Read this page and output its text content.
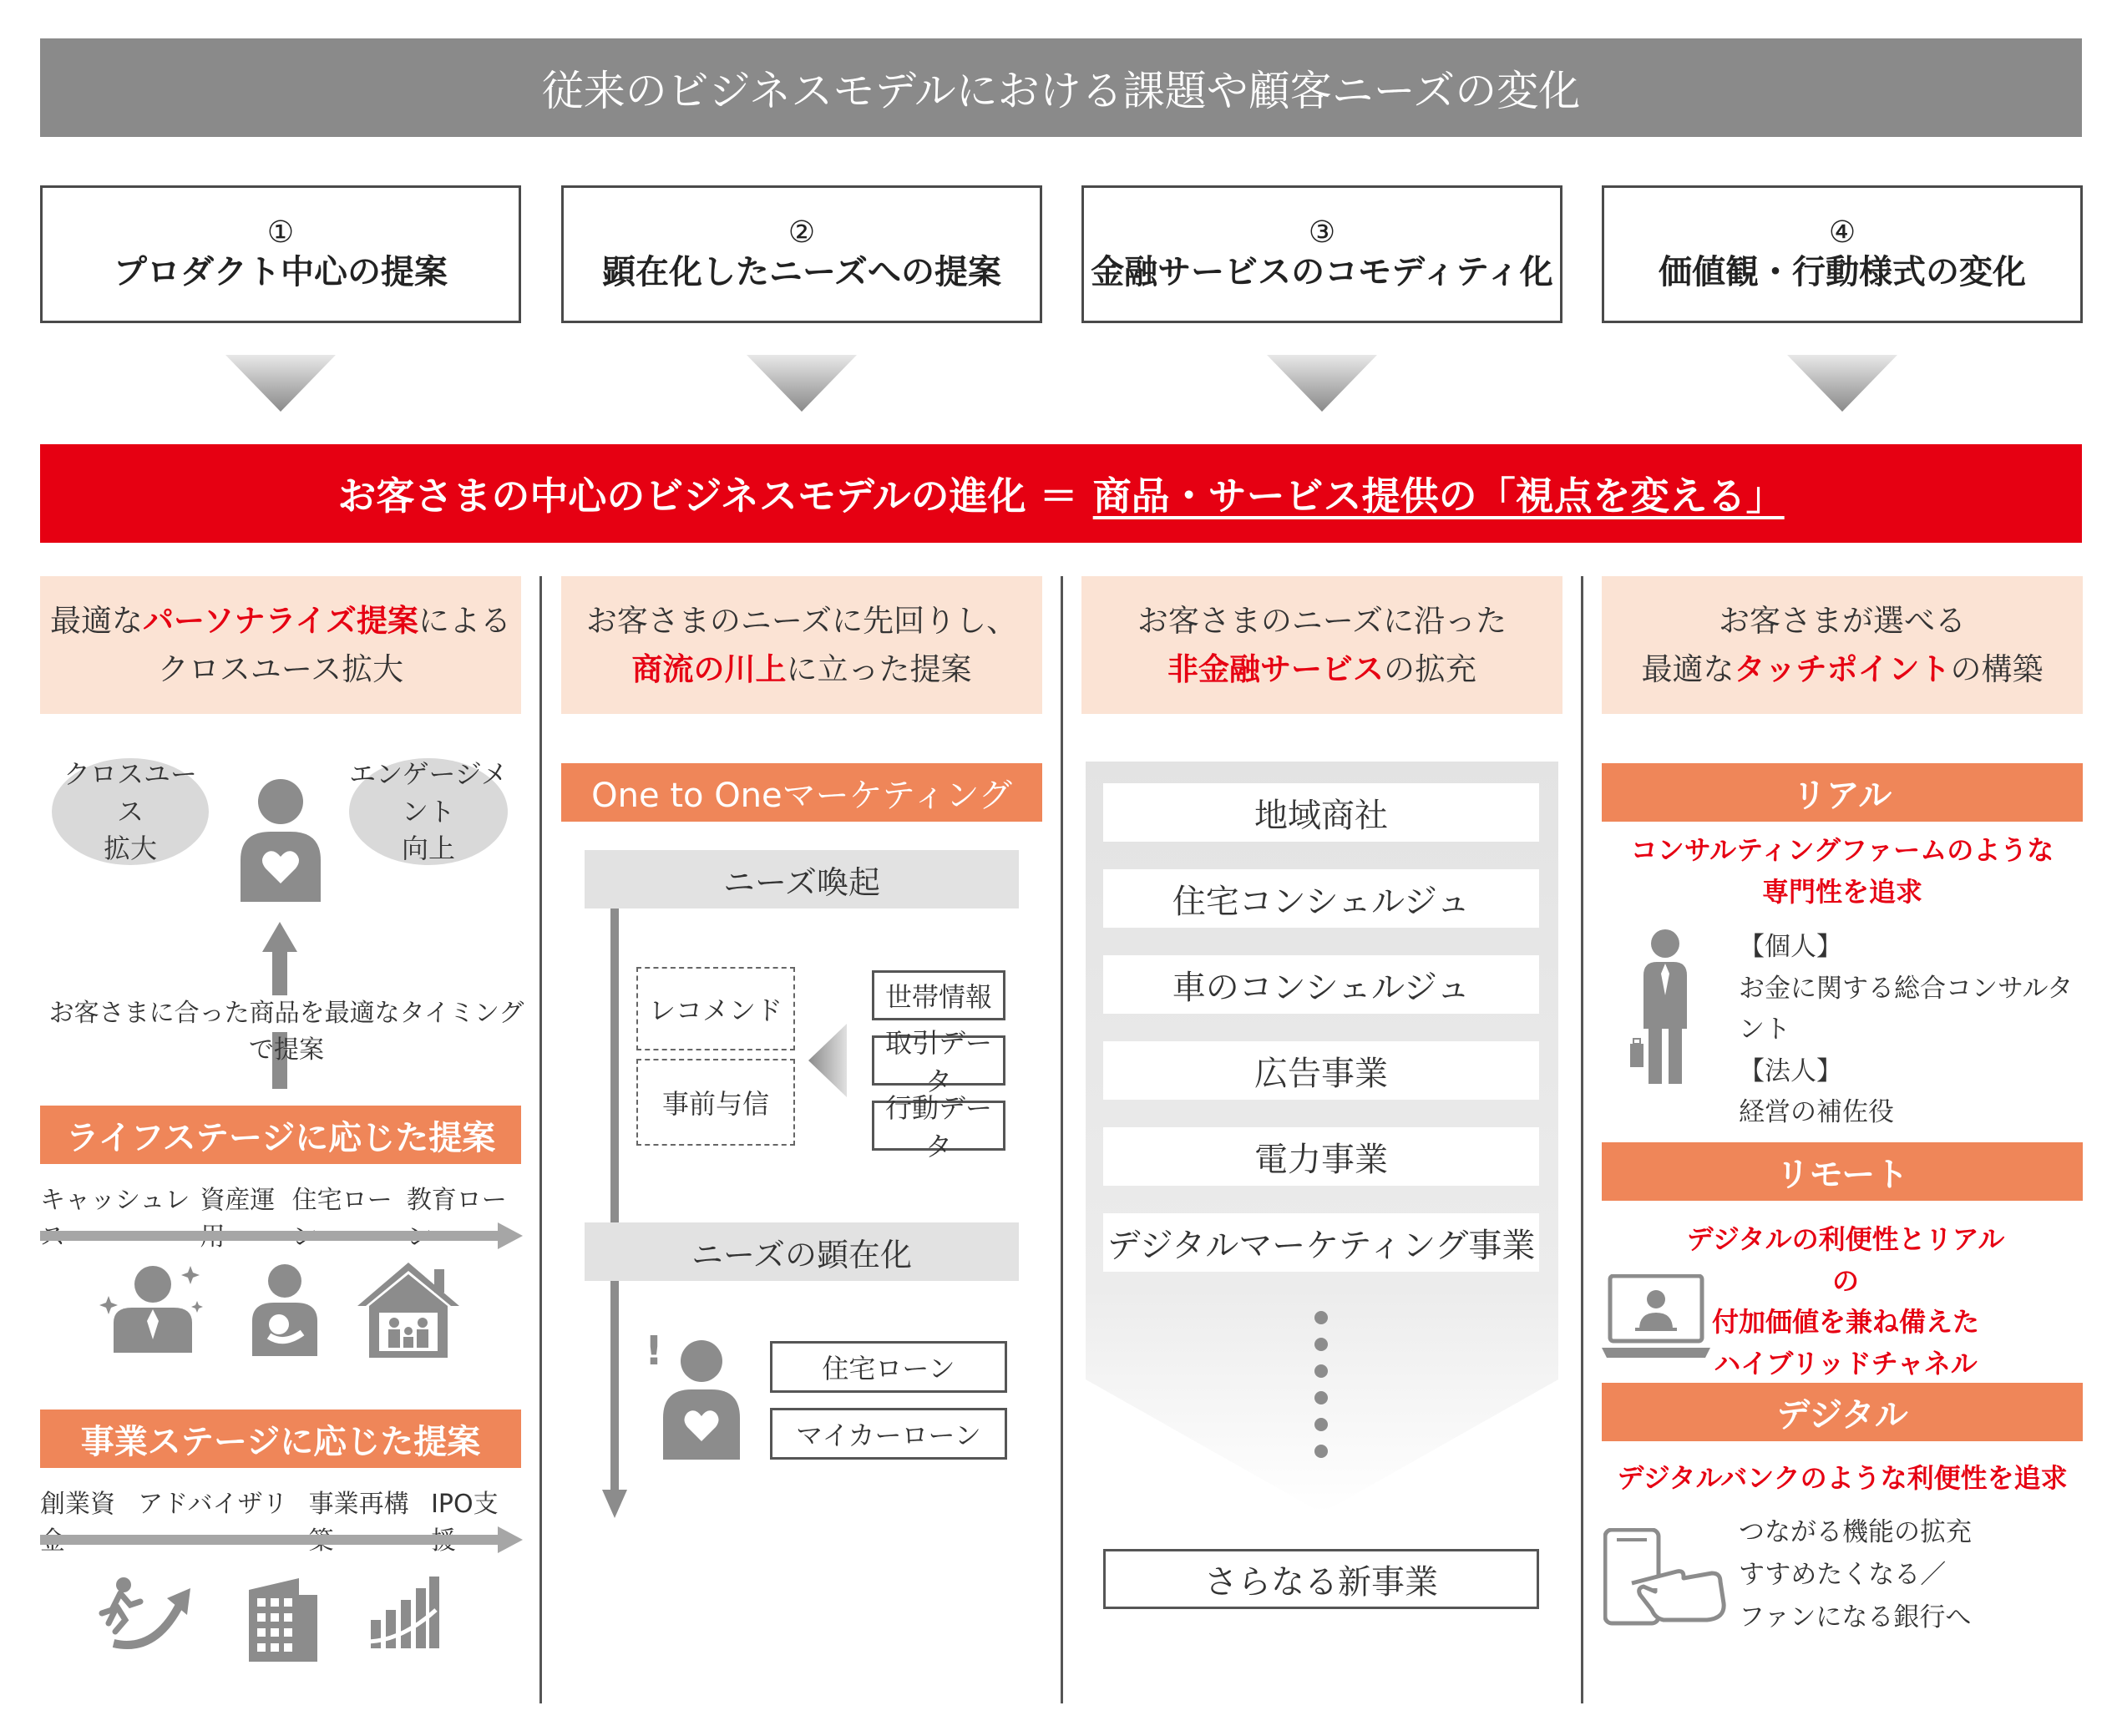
従来のビジネスモデルにおける課題や顧客ニーズの変化
①
プロダクト中心の提案
②
顕在化したニーズへの提案
③
金融サービスのコモディティ化
④
価値観・行動様式の変化
お客さまの中心のビジネスモデルの進化 ＝ 商品・サービス提供の「視点を変える」
最適なパーソナライズ提案による
クロスユース拡大
クロスユース
拡大
エンゲージメント
向上
お客さまに合った商品を最適なタイミングで提案
ライフステージに応じた提案
キャッシュレ 資産運 住宅ロー 教育ロー
事業ステージに応じた提案
創業資 アドバイザリ 事業再構 IPO支
お客さまのニーズに先回りし、
商流の川上に立った提案
One to Oneマーケティング
ニーズ喚起
レコメンド
事前与信
世帯情報
取引データ
行動データ
ニーズの顕在化
!	住宅ローン
マイカーローン
お客さまのニーズに沿った
非金融サービスの拡充
地域商社
住宅コンシェルジュ
車のコンシェルジュ
広告事業
電力事業
デジタルマーケティング事業
さらなる新事業
お客さまが選べる
最適なタッチポイントの構築
リアル
コンサルティングファームのような
専門性を追求
【個人】
お金に関する総合コンサルタント
【法人】
経営の補佐役
リモート
デジタルの利便性とリアルの
付加価値を兼ね備えた
ハイブリッドチャネル
デジタル
デジタルバンクのような利便性を追求
つながる機能の拡充
すすめたくなる／
ファンになる銀行へ
